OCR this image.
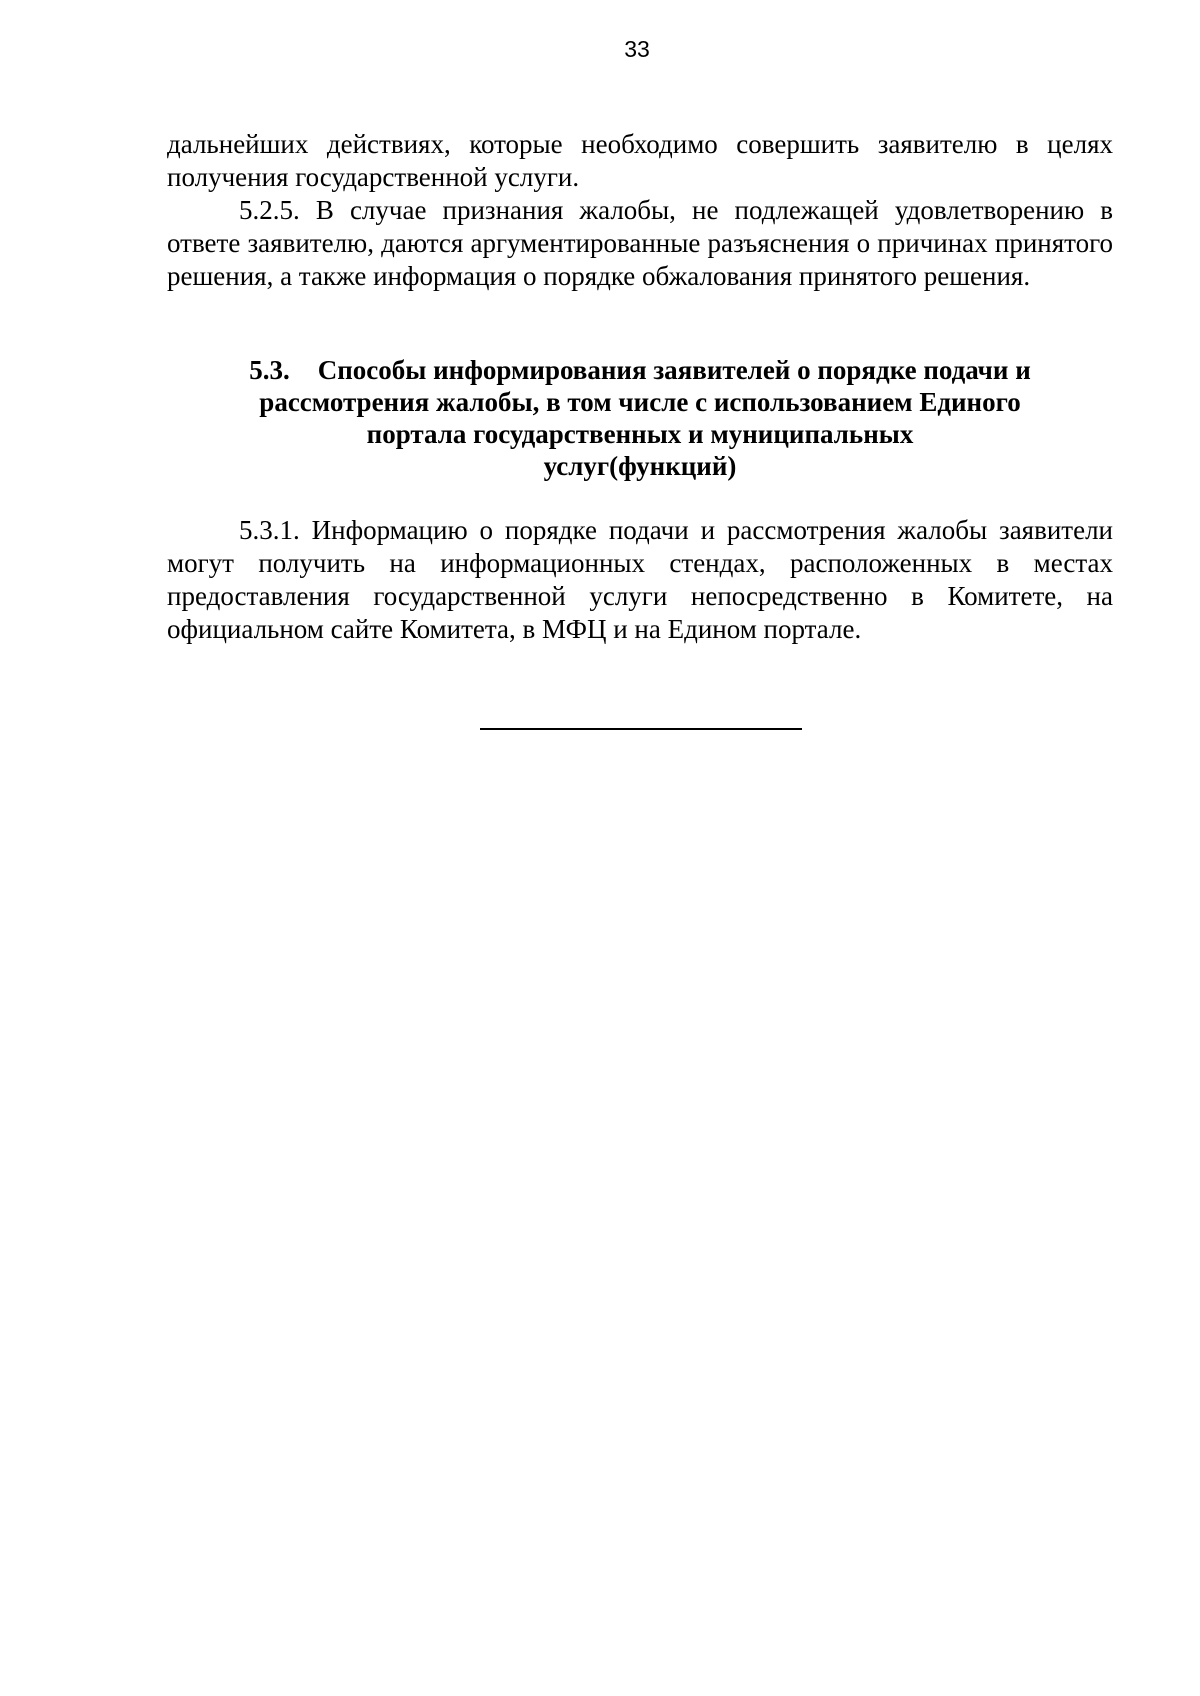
33

дальнейших действиях, которые необходимо совершить заявителю в целях получения государственной услуги.

5.2.5. В случае признания жалобы, не подлежащей удовлетворению в ответе заявителю, даются аргументированные разъяснения о причинах принятого решения, а также информация о порядке обжалования принятого решения.

5.3. Способы информирования заявителей о порядке подачи и
рассмотрения жалобы, в том числе с использованием Единого
портала государственных и муниципальных
услуг(функций)

5.3.1. Информацию о порядке подачи и рассмотрения жалобы заявители могут получить на информационных стендах, расположенных в местах предоставления государственной услуги непосредственно в Комитете, на официальном сайте Комитета, в МФЦ и на Едином портале.
